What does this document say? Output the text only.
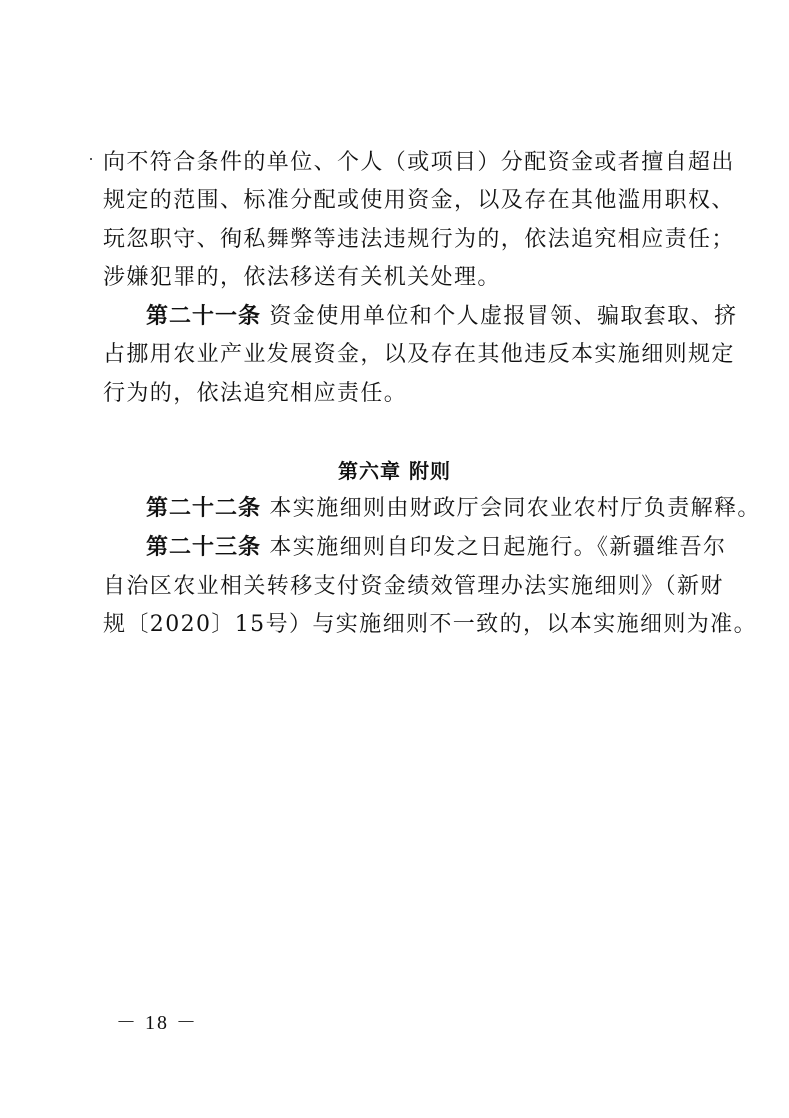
向不符合条件的单位、个人（或项目）分配资金或者擅自超出
规定的范围、标准分配或使用资金，以及存在其他滥用职权、
玩忽职守、徇私舞弊等违法违规行为的，依法追究相应责任；
涉嫌犯罪的，依法移送有关机关处理。
第二十一条 资金使用单位和个人虚报冒领、骗取套取、挤
占挪用农业产业发展资金，以及存在其他违反本实施细则规定
行为的，依法追究相应责任。
第六章 附则
第二十二条 本实施细则由财政厅会同农业农村厅负责解释。
第二十三条 本实施细则自印发之日起施行。《新疆维吾尔
自治区农业相关转移支付资金绩效管理办法实施细则》（新财
规〔2020〕15号）与实施细则不一致的，以本实施细则为准。
－ 18 －
